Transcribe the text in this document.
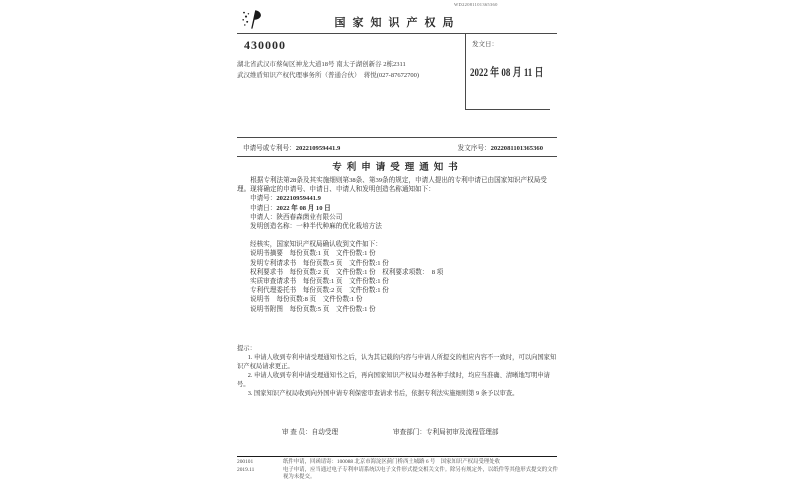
国家知识产权局
WD22081101365360
430000
湖北省武汉市蔡甸区神龙大道18号 南太子湖创新谷 2栋2311
武汉维盾知识产权代理事务所（普通合伙）　蒋悦(027-87672700)
发文日：
2022 年 08 月 11 日
申请号或专利号：202210959441.9	发文序号：2022081101365360
专利申请受理通知书

根据专利法第28条及其实施细则第38条、第39条的规定，申请人提出的专利申请已由国家知识产权局受理。现将确定的申请号、申请日、申请人和发明创造名称通知如下：

申请号：202210959441.9

申请日：2022 年 08 月 10 日

申请人：陕西春森菌业有限公司

发明创造名称：一种半代种麻的优化栽培方法

经核实，国家知识产权局确认收到文件如下：

说明书摘要　每份页数:1 页　文件份数:1 份

发明专利请求书　每份页数:5 页　文件份数:1 份

权利要求书　每份页数:2 页　文件份数:1 份　权利要求项数：　8 项

实质审查请求书　每份页数:1 页　文件份数:1 份

专利代理委托书　每份页数:2 页　文件份数:1 份

说明书　每份页数:8 页　文件份数:1 份

说明书附图　每份页数:5 页　文件份数:1 份

提示：

1. 申请人收到专利申请受理通知书之后，认为其记载的内容与申请人所提交的相应内容不一致时，可以向国家知识产权局请求更正。

2. 申请人收到专利申请受理通知书之后，再向国家知识产权局办理各种手续时，均应当准确、清晰地写明申请号。

3. 国家知识产权局收到向外国申请专利保密审查请求书后，依据专利法实施细则第 9 条予以审查。

审 查 员：自动受理	审查部门：专利局初审及流程管理部
200101	纸件申请，回函请寄：100088 北京市海淀区蓟门桥西土城路 6 号　国家知识产权局受理处收
2019.11	电子申请，应当通过电子专利申请系统以电子文件形式提交相关文件。除另有规定外，以纸件等其他形式提交的文件视为未提交。
